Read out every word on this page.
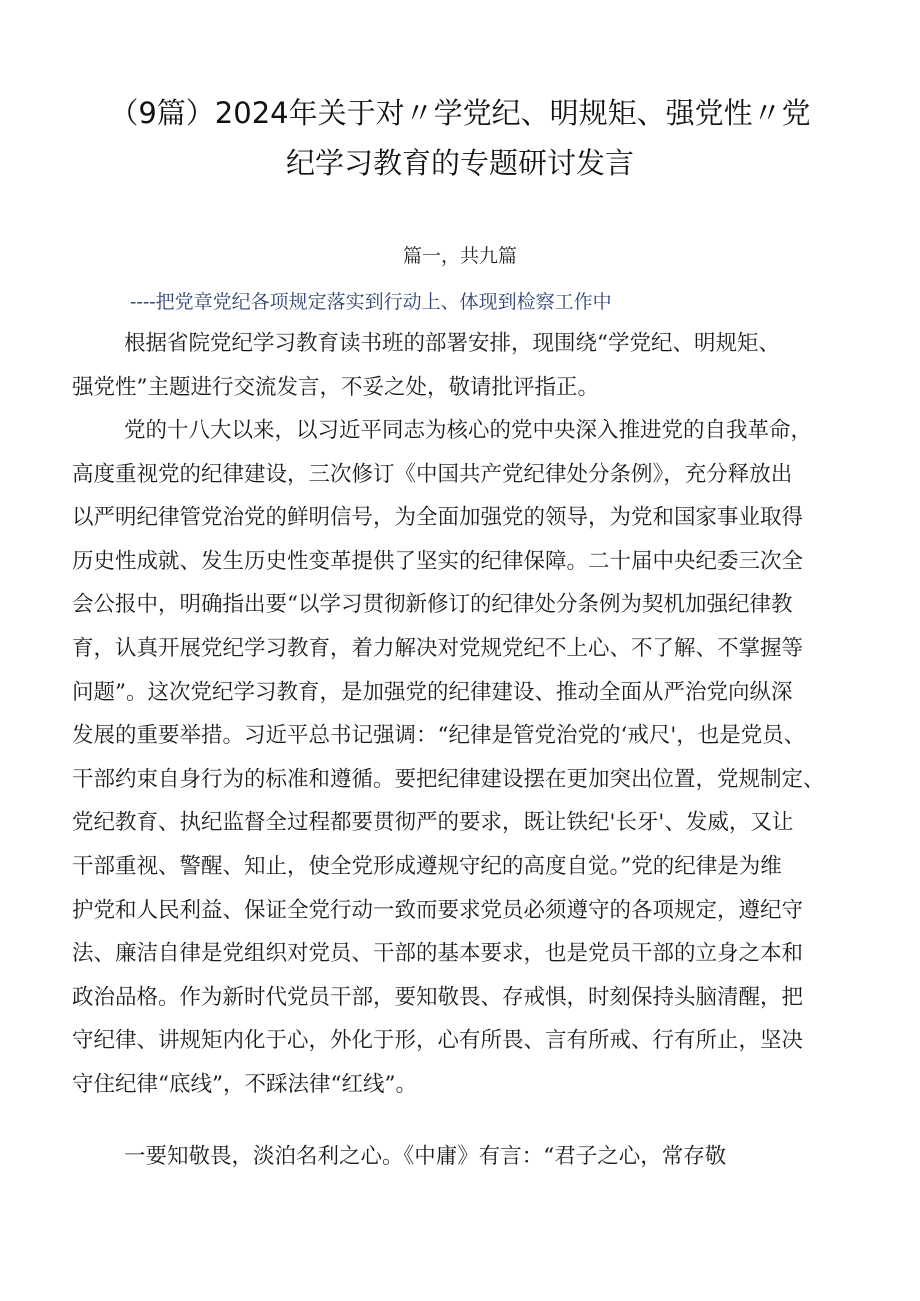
（9篇）2024年关于对〃学党纪、明规矩、强党性〃党
纪学习教育的专题研讨发言
篇一，共九篇
----把党章党纪各项规定落实到行动上、体现到检察工作中
根据省院党纪学习教育读书班的部署安排，现围绕“学党纪、明规矩、
强党性”主题进行交流发言，不妥之处，敬请批评指正。
党的十八大以来，以习近平同志为核心的党中央深入推进党的自我革命，
高度重视党的纪律建设，三次修订《中国共产党纪律处分条例》，充分释放出
以严明纪律管党治党的鲜明信号，为全面加强党的领导，为党和国家事业取得
历史性成就、发生历史性变革提供了坚实的纪律保障。二十届中央纪委三次全
会公报中，明确指出要“以学习贯彻新修订的纪律处分条例为契机加强纪律教
育，认真开展党纪学习教育，着力解决对党规党纪不上心、不了解、不掌握等
问题”。这次党纪学习教育，是加强党的纪律建设、推动全面从严治党向纵深
发展的重要举措。习近平总书记强调：“纪律是管党治党的‘戒尺'，也是党员、
干部约束自身行为的标准和遵循。要把纪律建设摆在更加突出位置，党规制定、
党纪教育、执纪监督全过程都要贯彻严的要求，既让铁纪'长牙'、发威，又让
干部重视、警醒、知止，使全党形成遵规守纪的高度自觉。”党的纪律是为维
护党和人民利益、保证全党行动一致而要求党员必须遵守的各项规定，遵纪守
法、廉洁自律是党组织对党员、干部的基本要求，也是党员干部的立身之本和
政治品格。作为新时代党员干部，要知敬畏、存戒惧，时刻保持头脑清醒，把
守纪律、讲规矩内化于心，外化于形，心有所畏、言有所戒、行有所止，坚决
守住纪律“底线”，不踩法律“红线”。
一要知敬畏，淡泊名利之心。《中庸》有言：“君子之心，常存敬
